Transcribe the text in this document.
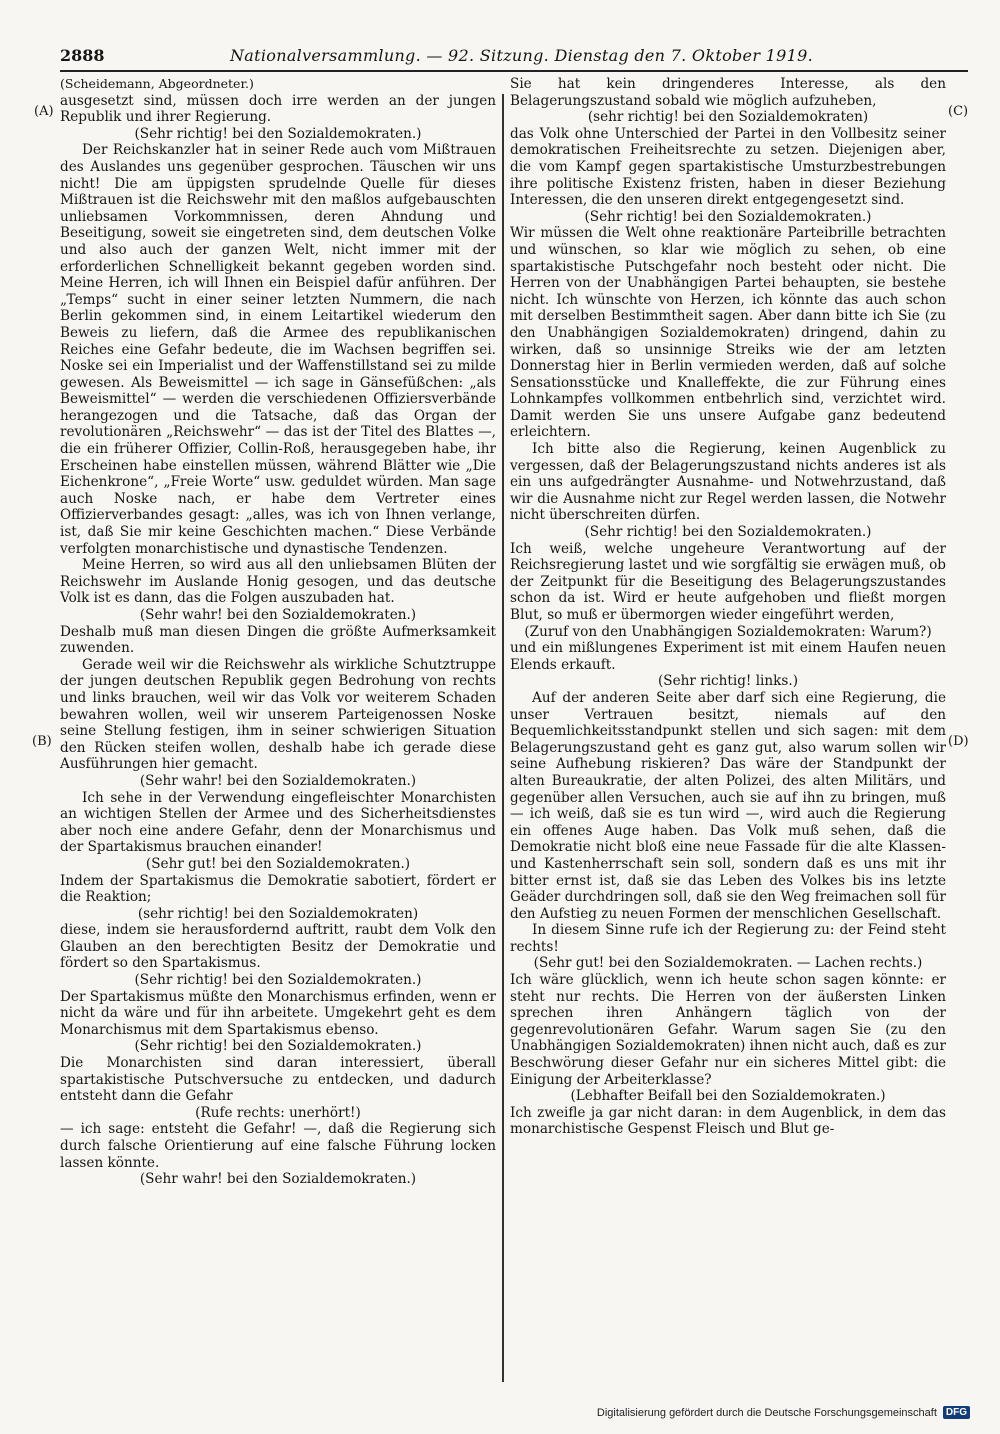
2888	Nationalversammlung. — 92. Sitzung. Dienstag den 7. Oktober 1919.
(A)
(B)
(C)
(D)

(Scheidemann, Abgeordneter.)

ausgesetzt sind, müssen doch irre werden an der jungen Republik und ihrer Regierung.

(Sehr richtig! bei den Sozialdemokraten.)

Der Reichskanzler hat in seiner Rede auch vom Mißtrauen des Auslandes uns gegenüber gesprochen. Täuschen wir uns nicht! Die am üppigsten sprudelnde Quelle für dieses Mißtrauen ist die Reichswehr mit den maßlos aufgebauschten unliebsamen Vorkommnissen, deren Ahndung und Beseitigung, soweit sie eingetreten sind, dem deutschen Volke und also auch der ganzen Welt, nicht immer mit der erforderlichen Schnelligkeit bekannt gegeben worden sind. Meine Herren, ich will Ihnen ein Beispiel dafür anführen. Der „Temps“ sucht in einer seiner letzten Nummern, die nach Berlin gekommen sind, in einem Leitartikel wiederum den Beweis zu liefern, daß die Armee des republikanischen Reiches eine Gefahr bedeute, die im Wachsen begriffen sei. Noske sei ein Imperialist und der Waffenstillstand sei zu milde gewesen. Als Beweismittel — ich sage in Gänsefüßchen: „als Beweismittel“ — werden die verschiedenen Offiziersverbände herangezogen und die Tatsache, daß das Organ der revolutionären „Reichswehr“ — das ist der Titel des Blattes —, die ein früherer Offizier, Collin-Roß, herausgegeben habe, ihr Erscheinen habe einstellen müssen, während Blätter wie „Die Eichenkrone“, „Freie Worte“ usw. geduldet würden. Man sage auch Noske nach, er habe dem Vertreter eines Offizierverbandes gesagt: „alles, was ich von Ihnen verlange, ist, daß Sie mir keine Geschichten machen.“ Diese Verbände verfolgten monarchistische und dynastische Tendenzen.

Meine Herren, so wird aus all den unliebsamen Blüten der Reichswehr im Auslande Honig gesogen, und das deutsche Volk ist es dann, das die Folgen auszubaden hat.

(Sehr wahr! bei den Sozialdemokraten.)

Deshalb muß man diesen Dingen die größte Aufmerksamkeit zuwenden.

Gerade weil wir die Reichswehr als wirkliche Schutztruppe der jungen deutschen Republik gegen Bedrohung von rechts und links brauchen, weil wir das Volk vor weiterem Schaden bewahren wollen, weil wir unserem Parteigenossen Noske seine Stellung festigen, ihm in seiner schwierigen Situation den Rücken steifen wollen, deshalb habe ich gerade diese Ausführungen hier gemacht.

(Sehr wahr! bei den Sozialdemokraten.)

Ich sehe in der Verwendung eingefleischter Monarchisten an wichtigen Stellen der Armee und des Sicherheitsdienstes aber noch eine andere Gefahr, denn der Monarchismus und der Spartakismus brauchen einander!

(Sehr gut! bei den Sozialdemokraten.)

Indem der Spartakismus die Demokratie sabotiert, fördert er die Reaktion;

(sehr richtig! bei den Sozialdemokraten)

diese, indem sie herausfordernd auftritt, raubt dem Volk den Glauben an den berechtigten Besitz der Demokratie und fördert so den Spartakismus.

(Sehr richtig! bei den Sozialdemokraten.)

Der Spartakismus müßte den Monarchismus erfinden, wenn er nicht da wäre und für ihn arbeitete. Umgekehrt geht es dem Monarchismus mit dem Spartakismus ebenso.

(Sehr richtig! bei den Sozialdemokraten.)

Die Monarchisten sind daran interessiert, überall spartakistische Putschversuche zu entdecken, und dadurch entsteht dann die Gefahr

(Rufe rechts: unerhört!)

— ich sage: entsteht die Gefahr! —, daß die Regierung sich durch falsche Orientierung auf eine falsche Führung locken lassen könnte.

(Sehr wahr! bei den Sozialdemokraten.)

Sie hat kein dringenderes Interesse, als den Belagerungszustand sobald wie möglich aufzuheben,

(sehr richtig! bei den Sozialdemokraten)

das Volk ohne Unterschied der Partei in den Vollbesitz seiner demokratischen Freiheitsrechte zu setzen. Diejenigen aber, die vom Kampf gegen spartakistische Umsturzbestrebungen ihre politische Existenz fristen, haben in dieser Beziehung Interessen, die den unseren direkt entgegengesetzt sind.

(Sehr richtig! bei den Sozialdemokraten.)

Wir müssen die Welt ohne reaktionäre Parteibrille betrachten und wünschen, so klar wie möglich zu sehen, ob eine spartakistische Putschgefahr noch besteht oder nicht. Die Herren von der Unabhängigen Partei behaupten, sie bestehe nicht. Ich wünschte von Herzen, ich könnte das auch schon mit derselben Bestimmtheit sagen. Aber dann bitte ich Sie (zu den Unabhängigen Sozialdemokraten) dringend, dahin zu wirken, daß so unsinnige Streiks wie der am letzten Donnerstag hier in Berlin vermieden werden, daß auf solche Sensationsstücke und Knalleffekte, die zur Führung eines Lohnkampfes vollkommen entbehrlich sind, verzichtet wird. Damit werden Sie uns unsere Aufgabe ganz bedeutend erleichtern.

Ich bitte also die Regierung, keinen Augenblick zu vergessen, daß der Belagerungszustand nichts anderes ist als ein uns aufgedrängter Ausnahme- und Notwehrzustand, daß wir die Ausnahme nicht zur Regel werden lassen, die Notwehr nicht überschreiten dürfen.

(Sehr richtig! bei den Sozialdemokraten.)

Ich weiß, welche ungeheure Verantwortung auf der Reichsregierung lastet und wie sorgfältig sie erwägen muß, ob der Zeitpunkt für die Beseitigung des Belagerungszustandes schon da ist. Wird er heute aufgehoben und fließt morgen Blut, so muß er übermorgen wieder eingeführt werden,

(Zuruf von den Unabhängigen Sozialdemokraten: Warum?)

und ein mißlungenes Experiment ist mit einem Haufen neuen Elends erkauft.

(Sehr richtig! links.)

Auf der anderen Seite aber darf sich eine Regierung, die unser Vertrauen besitzt, niemals auf den Bequemlichkeitsstandpunkt stellen und sich sagen: mit dem Belagerungszustand geht es ganz gut, also warum sollen wir seine Aufhebung riskieren? Das wäre der Standpunkt der alten Bureaukratie, der alten Polizei, des alten Militärs, und gegenüber allen Versuchen, auch sie auf ihn zu bringen, muß — ich weiß, daß sie es tun wird —, wird auch die Regierung ein offenes Auge haben. Das Volk muß sehen, daß die Demokratie nicht bloß eine neue Fassade für die alte Klassen- und Kastenherrschaft sein soll, sondern daß es uns mit ihr bitter ernst ist, daß sie das Leben des Volkes bis ins letzte Geäder durchdringen soll, daß sie den Weg freimachen soll für den Aufstieg zu neuen Formen der menschlichen Gesellschaft.

In diesem Sinne rufe ich der Regierung zu: der Feind steht rechts!

(Sehr gut! bei den Sozialdemokraten. — Lachen rechts.)

Ich wäre glücklich, wenn ich heute schon sagen könnte: er steht nur rechts. Die Herren von der äußersten Linken sprechen ihren Anhängern täglich von der gegenrevolutionären Gefahr. Warum sagen Sie (zu den Unabhängigen Sozialdemokraten) ihnen nicht auch, daß es zur Beschwörung dieser Gefahr nur ein sicheres Mittel gibt: die Einigung der Arbeiterklasse?

(Lebhafter Beifall bei den Sozialdemokraten.)

Ich zweifle ja gar nicht daran: in dem Augenblick, in dem das monarchistische Gespenst Fleisch und Blut ge-

Digitalisierung gefördert durch die Deutsche Forschungsgemeinschaft DFG
